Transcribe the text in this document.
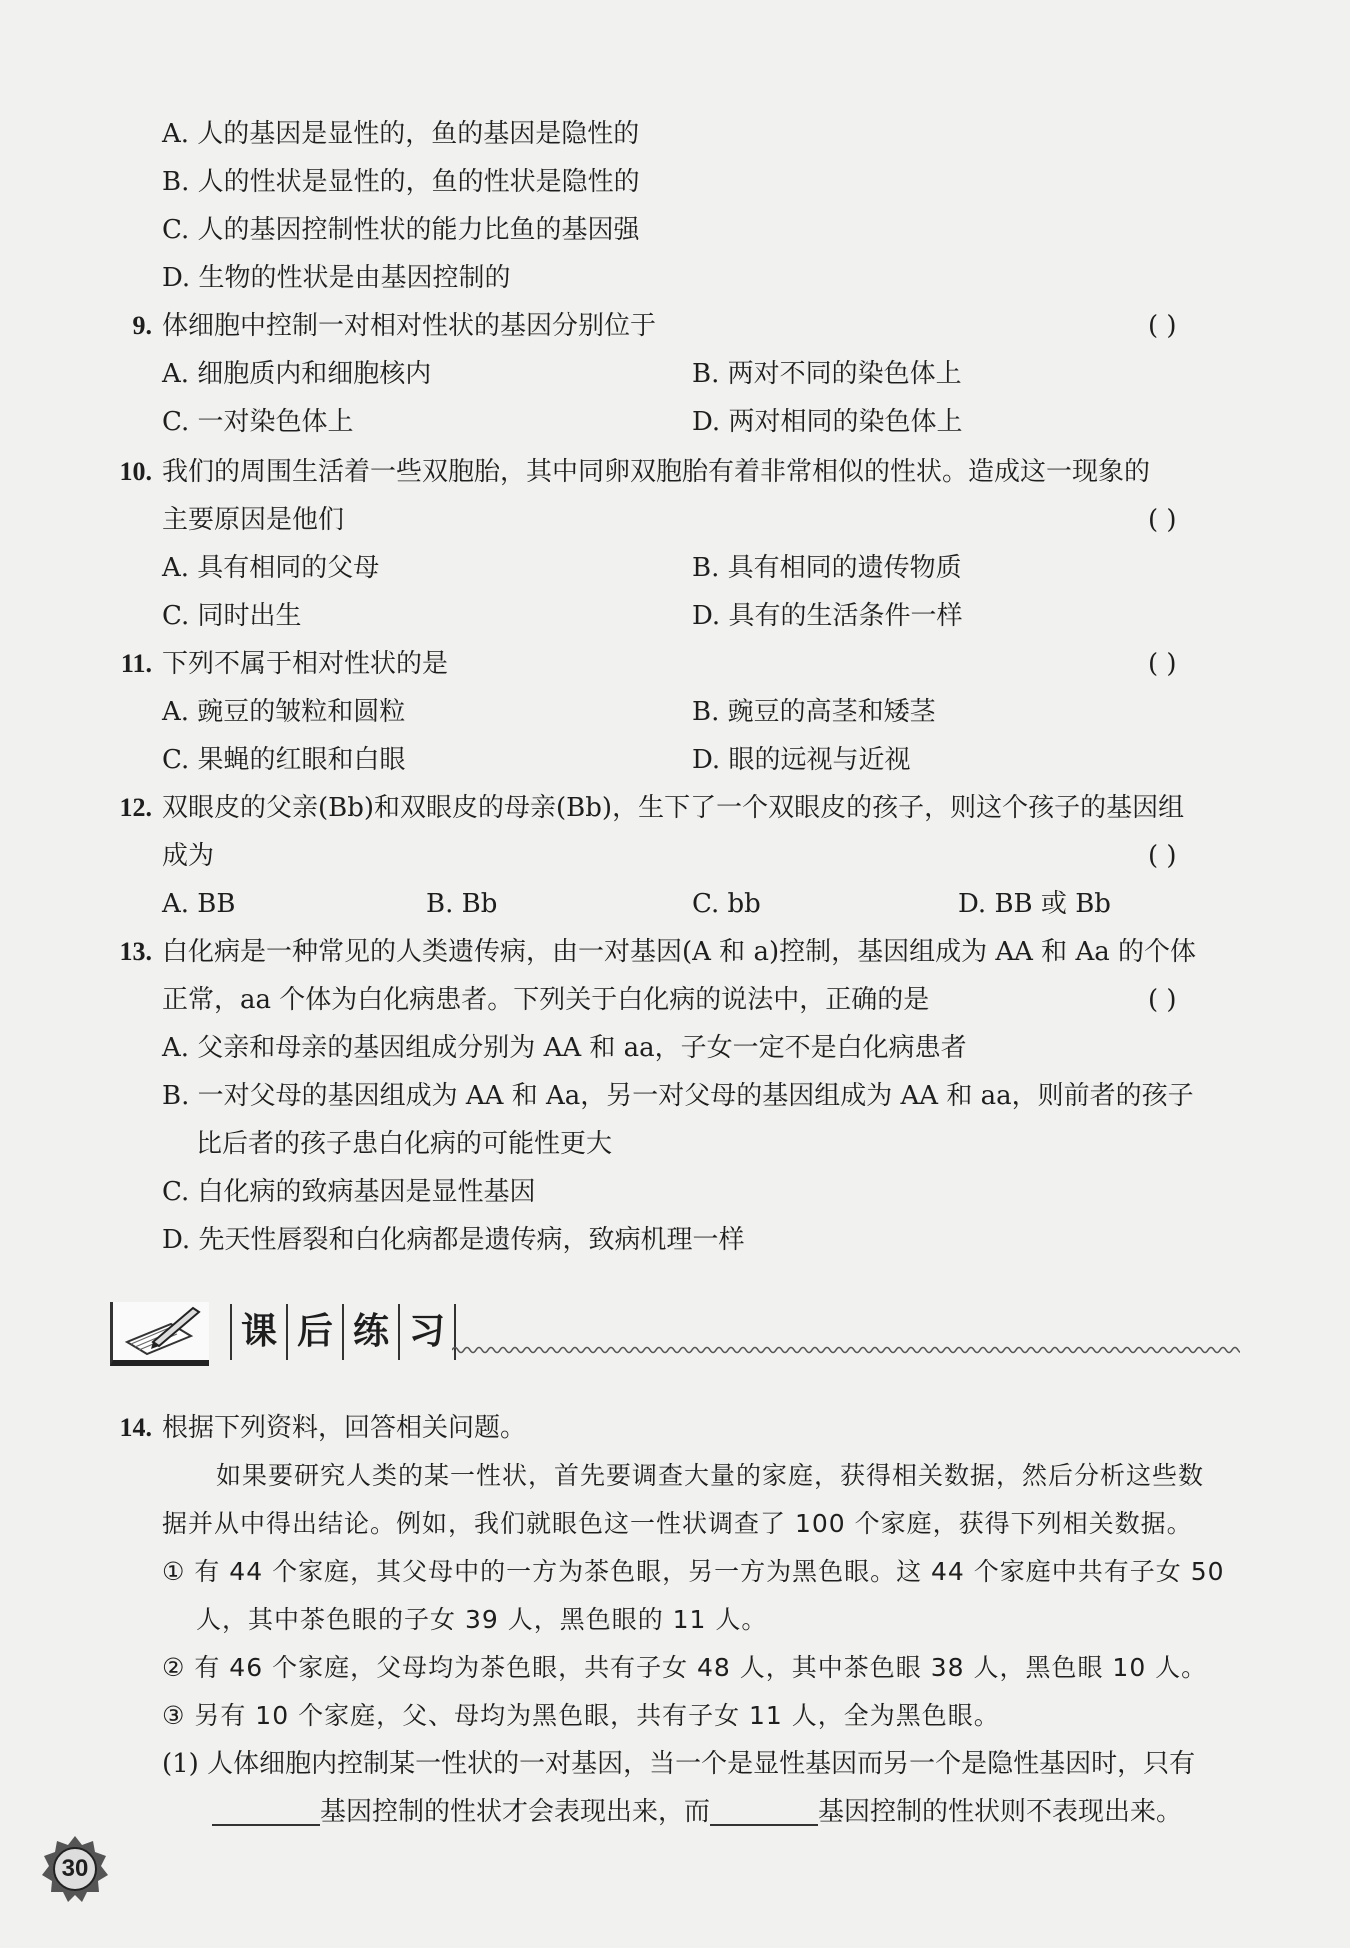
A. 人的基因是显性的，鱼的基因是隐性的
B. 人的性状是显性的，鱼的性状是隐性的
C. 人的基因控制性状的能力比鱼的基因强
D. 生物的性状是由基因控制的
9. 体细胞中控制一对相对性状的基因分别位于	( )
A. 细胞质内和细胞核内	B. 两对不同的染色体上
C. 一对染色体上	D. 两对相同的染色体上
10. 我们的周围生活着一些双胞胎，其中同卵双胞胎有着非常相似的性状。造成这一现象的
主要原因是他们	( )
A. 具有相同的父母	B. 具有相同的遗传物质
C. 同时出生	D. 具有的生活条件一样
11. 下列不属于相对性状的是	( )
A. 豌豆的皱粒和圆粒	B. 豌豆的高茎和矮茎
C. 果蝇的红眼和白眼	D. 眼的远视与近视
12. 双眼皮的父亲(Bb)和双眼皮的母亲(Bb)，生下了一个双眼皮的孩子，则这个孩子的基因组
成为	( )
A. BB	B. Bb	C. bb	D. BB 或 Bb
13. 白化病是一种常见的人类遗传病，由一对基因(A 和 a)控制，基因组成为 AA 和 Aa 的个体
正常，aa 个体为白化病患者。下列关于白化病的说法中，正确的是	( )
A. 父亲和母亲的基因组成分别为 AA 和 aa，子女一定不是白化病患者
B. 一对父母的基因组成为 AA 和 Aa，另一对父母的基因组成为 AA 和 aa，则前者的孩子
比后者的孩子患白化病的可能性更大
C. 白化病的致病基因是显性基因
D. 先天性唇裂和白化病都是遗传病，致病机理一样
课 后 练 习
14. 根据下列资料，回答相关问题。
如果要研究人类的某一性状，首先要调查大量的家庭，获得相关数据，然后分析这些数
据并从中得出结论。例如，我们就眼色这一性状调查了 100 个家庭，获得下列相关数据。
① 有 44 个家庭，其父母中的一方为茶色眼，另一方为黑色眼。这 44 个家庭中共有子女 50
人，其中茶色眼的子女 39 人，黑色眼的 11 人。
② 有 46 个家庭，父母均为茶色眼，共有子女 48 人，其中茶色眼 38 人，黑色眼 10 人。
③ 另有 10 个家庭，父、母均为黑色眼，共有子女 11 人，全为黑色眼。
(1) 人体细胞内控制某一性状的一对基因，当一个是显性基因而另一个是隐性基因时，只有
基因控制的性状才会表现出来，而	基因控制的性状则不表现出来。
30
